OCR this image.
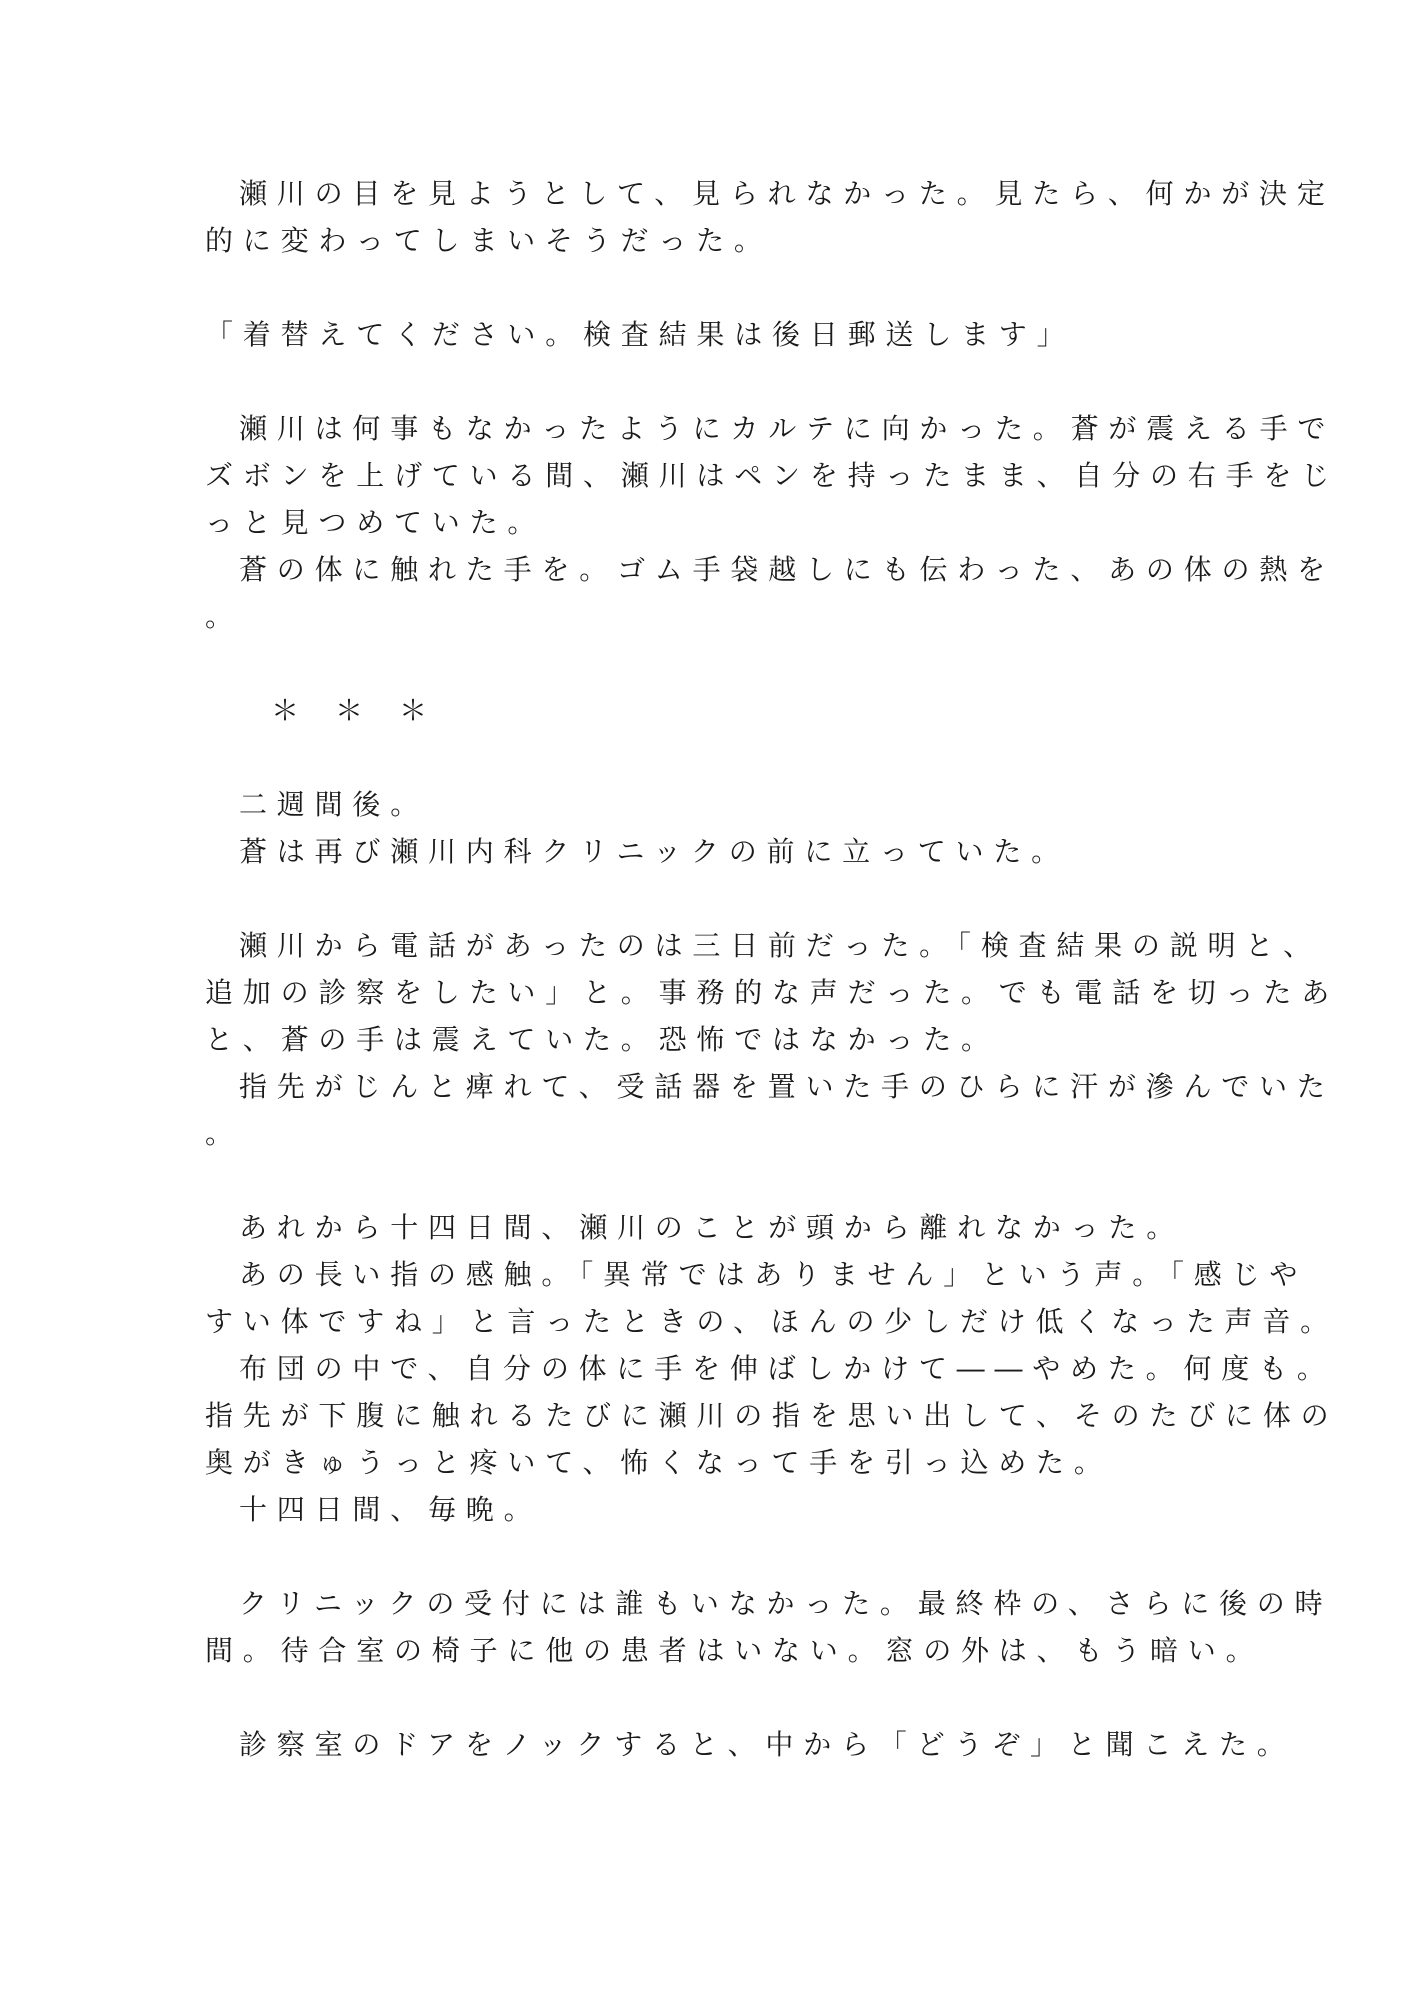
瀬川の目を見ようとして、見られなかった。見たら、何かが決定
的に変わってしまいそうだった。
「着替えてください。検査結果は後日郵送します」
瀬川は何事もなかったようにカルテに向かった。蒼が震える手で
ズボンを上げている間、瀬川はペンを持ったまま、自分の右手をじ
っと見つめていた。
蒼の体に触れた手を。ゴム手袋越しにも伝わった、あの体の熱を
。
＊＊＊
二週間後。
蒼は再び瀬川内科クリニックの前に立っていた。
瀬川から電話があったのは三日前だった。「検査結果の説明と、
追加の診察をしたい」と。事務的な声だった。でも電話を切ったあ
と、蒼の手は震えていた。恐怖ではなかった。
指先がじんと痺れて、受話器を置いた手のひらに汗が滲んでいた
。
あれから十四日間、瀬川のことが頭から離れなかった。
あの長い指の感触。「異常ではありません」という声。「感じや
すい体ですね」と言ったときの、ほんの少しだけ低くなった声音。
布団の中で、自分の体に手を伸ばしかけて――やめた。何度も。
指先が下腹に触れるたびに瀬川の指を思い出して、そのたびに体の
奥がきゅうっと疼いて、怖くなって手を引っ込めた。
十四日間、毎晩。
クリニックの受付には誰もいなかった。最終枠の、さらに後の時
間。待合室の椅子に他の患者はいない。窓の外は、もう暗い。
診察室のドアをノックすると、中から「どうぞ」と聞こえた。
